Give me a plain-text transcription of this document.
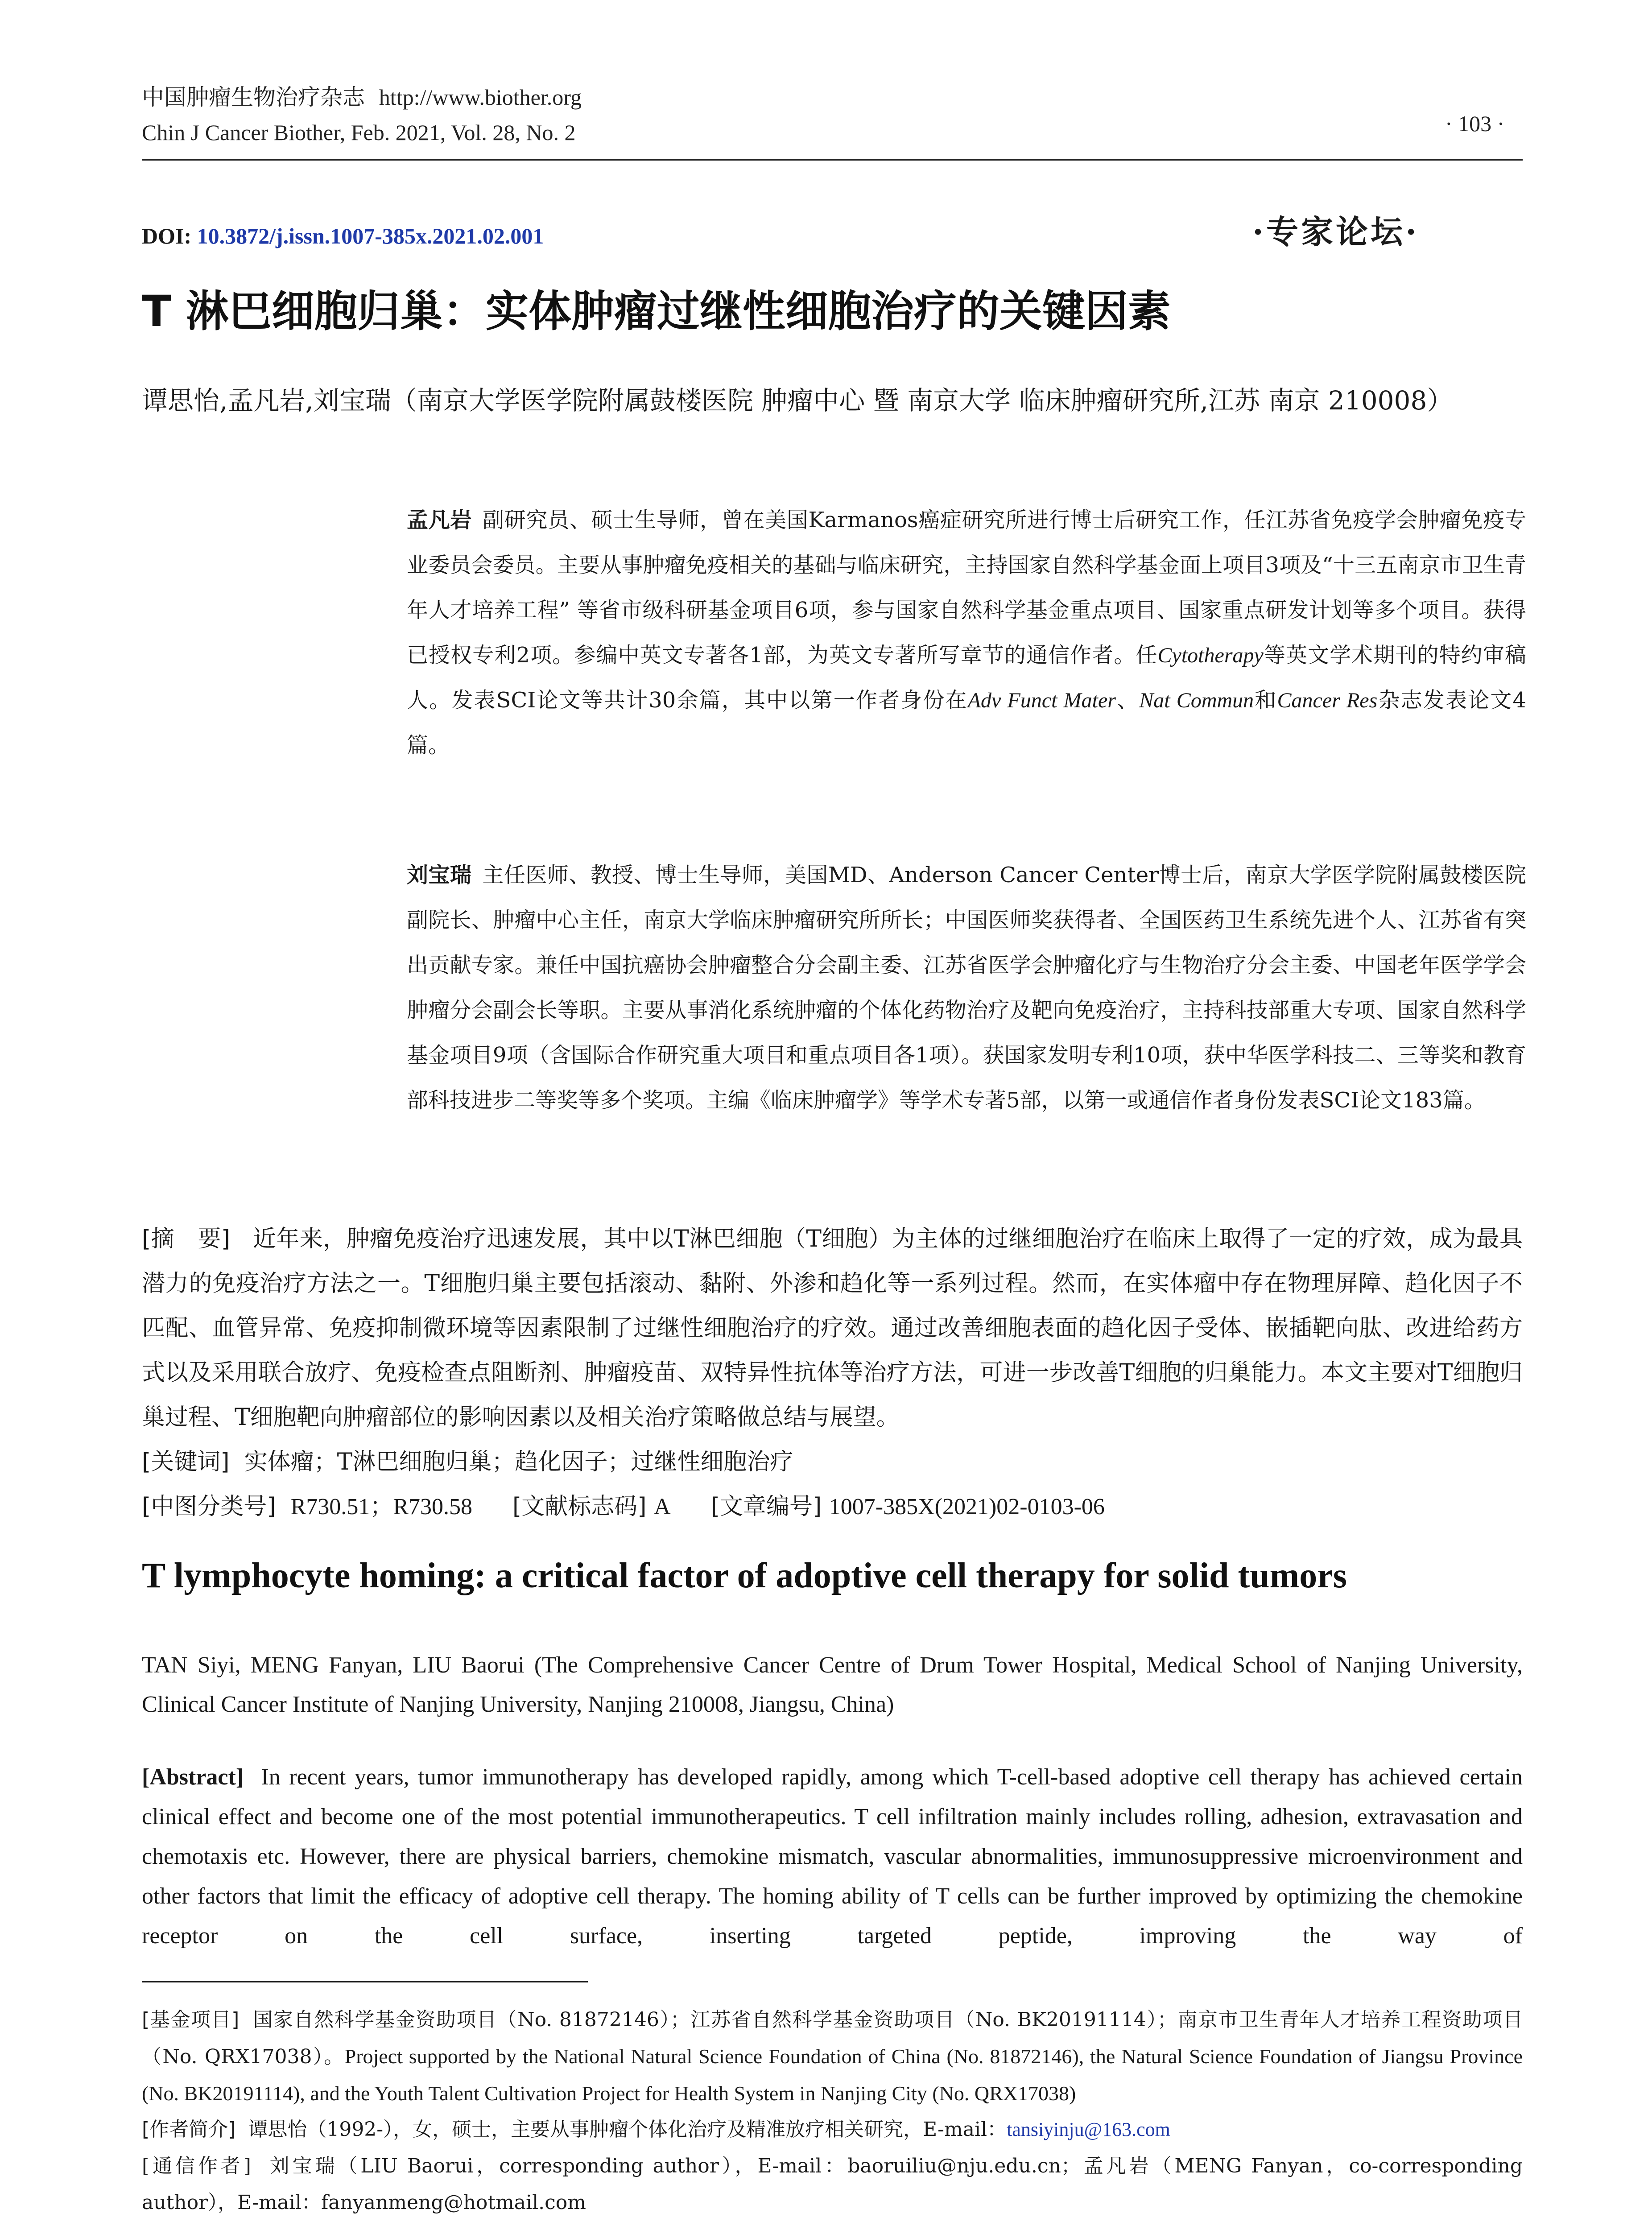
中国肿瘤生物治疗杂志 http://www.biother.org
Chin J Cancer Biother, Feb. 2021, Vol. 28, No. 2	· 103 ·
DOI: 10.3872/j.issn.1007-385x.2021.02.001	·专家论坛·
T 淋巴细胞归巢：实体肿瘤过继性细胞治疗的关键因素
谭思怡,孟凡岩,刘宝瑞（南京大学医学院附属鼓楼医院 肿瘤中心 暨 南京大学 临床肿瘤研究所,江苏 南京 210008）
孟凡岩 副研究员、硕士生导师，曾在美国Karmanos癌症研究所进行博士后研究工作，任江苏省免疫学会肿瘤免疫专业委员会委员。主要从事肿瘤免疫相关的基础与临床研究，主持国家自然科学基金面上项目3项及“十三五南京市卫生青年人才培养工程” 等省市级科研基金项目6项，参与国家自然科学基金重点项目、国家重点研发计划等多个项目。获得已授权专利2项。参编中英文专著各1部，为英文专著所写章节的通信作者。任Cytotherapy等英文学术期刊的特约审稿人。发表SCI论文等共计30余篇，其中以第一作者身份在Adv Funct Mater、Nat Commun和Cancer Res杂志发表论文4篇。
刘宝瑞 主任医师、教授、博士生导师，美国MD、Anderson Cancer Center博士后，南京大学医学院附属鼓楼医院副院长、肿瘤中心主任，南京大学临床肿瘤研究所所长；中国医师奖获得者、全国医药卫生系统先进个人、江苏省有突出贡献专家。兼任中国抗癌协会肿瘤整合分会副主委、江苏省医学会肿瘤化疗与生物治疗分会主委、中国老年医学学会肿瘤分会副会长等职。主要从事消化系统肿瘤的个体化药物治疗及靶向免疫治疗，主持科技部重大专项、国家自然科学基金项目9项（含国际合作研究重大项目和重点项目各1项）。获国家发明专利10项，获中华医学科技二、三等奖和教育部科技进步二等奖等多个奖项。主编《临床肿瘤学》等学术专著5部，以第一或通信作者身份发表SCI论文183篇。
[摘　要] 近年来，肿瘤免疫治疗迅速发展，其中以T淋巴细胞（T细胞）为主体的过继细胞治疗在临床上取得了一定的疗效，成为最具潜力的免疫治疗方法之一。T细胞归巢主要包括滚动、黏附、外渗和趋化等一系列过程。然而，在实体瘤中存在物理屏障、趋化因子不匹配、血管异常、免疫抑制微环境等因素限制了过继性细胞治疗的疗效。通过改善细胞表面的趋化因子受体、嵌插靶向肽、改进给药方式以及采用联合放疗、免疫检查点阻断剂、肿瘤疫苗、双特异性抗体等治疗方法，可进一步改善T细胞的归巢能力。本文主要对T细胞归巢过程、T细胞靶向肿瘤部位的影响因素以及相关治疗策略做总结与展望。
[关键词] 实体瘤；T淋巴细胞归巢；趋化因子；过继性细胞治疗
[中图分类号] R730.51；R730.58 [文献标志码] A [文章编号] 1007-385X(2021)02-0103-06
T lymphocyte homing: a critical factor of adoptive cell therapy for solid tumors
TAN Siyi, MENG Fanyan, LIU Baorui (The Comprehensive Cancer Centre of Drum Tower Hospital, Medical School of Nanjing University, Clinical Cancer Institute of Nanjing University, Nanjing 210008, Jiangsu, China)
[Abstract] In recent years, tumor immunotherapy has developed rapidly, among which T-cell-based adoptive cell therapy has achieved certain clinical effect and become one of the most potential immunotherapeutics. T cell infiltration mainly includes rolling, adhesion, extravasation and chemotaxis etc. However, there are physical barriers, chemokine mismatch, vascular abnormalities, immunosuppressive microenvironment and other factors that limit the efficacy of adoptive cell therapy. The homing ability of T cells can be further improved by optimizing the chemokine receptor on the cell surface, inserting targeted peptide, improving the way of
[基金项目] 国家自然科学基金资助项目（No. 81872146）；江苏省自然科学基金资助项目（No. BK20191114）；南京市卫生青年人才培养工程资助项目（No. QRX17038）。Project supported by the National Natural Science Foundation of China (No. 81872146), the Natural Science Foundation of Jiangsu Province (No. BK20191114), and the Youth Talent Cultivation Project for Health System in Nanjing City (No. QRX17038)
[作者简介] 谭思怡（1992-），女，硕士，主要从事肿瘤个体化治疗及精准放疗相关研究，E-mail：tansiyinju@163.com
[通信作者] 刘宝瑞（LIU Baorui，corresponding author），E-mail：baoruiliu@nju.edu.cn；孟凡岩（MENG Fanyan，co-corresponding author），E-mail：fanyanmeng@hotmail.com
